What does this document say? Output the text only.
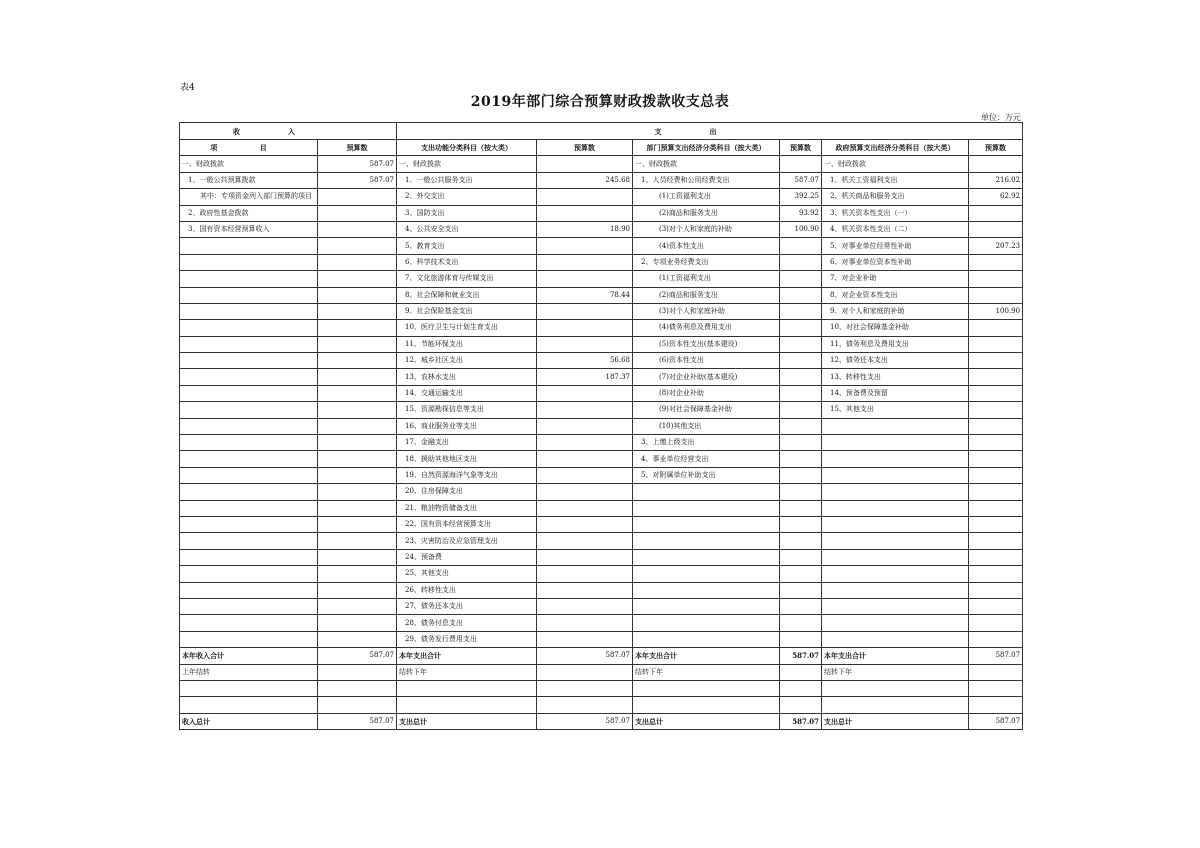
表4
2019年部门综合预算财政拨款收支总表
单位：万元
收入		支出					
项 目	预算数	支出功能分类科目（按大类）	预算数	部门预算支出经济分类科目（按大类）	预算数	政府预算支出经济分类科目（按大类）	预算数
一、财政拨款	587.07	一、财政拨款		一、财政拨款		一、财政拨款	
1、一般公共预算拨款	587.07	1、一般公共服务支出	245.68	1、人员经费和公用经费支出	587.07	1、机关工资福利支出	216.02
其中：专项资金列入部门预算的项目		2、外交支出		(1)工资福利支出	392.25	2、机关商品和服务支出	62.92
2、政府性基金拨款		3、国防支出		(2)商品和服务支出	93.92	3、机关资本性支出（一）	
3、国有资本经营预算收入		4、公共安全支出	18.90	(3)对个人和家庭的补助	100.90	4、机关资本性支出（二）	
		5、教育支出		(4)资本性支出		5、对事业单位经常性补助	207.23
		6、科学技术支出		2、专项业务经费支出		6、对事业单位资本性补助	
		7、文化旅游体育与传媒支出		(1)工资福利支出		7、对企业补助	
		8、社会保障和就业支出	78.44	(2)商品和服务支出		8、对企业资本性支出	
		9、社会保险基金支出		(3)对个人和家庭补助		9、对个人和家庭的补助	100.90
		10、医疗卫生与计划生育支出		(4)债务利息及费用支出		10、对社会保障基金补助	
		11、节能环保支出		(5)资本性支出(基本建设)		11、债务利息及费用支出	
		12、城乡社区支出	56.68	(6)资本性支出		12、债务还本支出	
		13、农林水支出	187.37	(7)对企业补助(基本建设)		13、转移性支出	
		14、交通运输支出		(8)对企业补助		14、预备费及预留	
		15、资源勘探信息等支出		(9)对社会保障基金补助		15、其他支出	
		16、商业服务业等支出		(10)其他支出			
		17、金融支出		3、上缴上级支出			
		18、援助其他地区支出		4、事业单位经营支出			
		19、自然资源海洋气象等支出		5、对附属单位补助支出			
		20、住房保障支出					
		21、粮油物资储备支出					
		22、国有资本经营预算支出					
		23、灾害防治及应急管理支出					
		24、预备费					
		25、其他支出					
		26、转移性支出					
		27、债务还本支出					
		28、债务付息支出					
		29、债务发行费用支出					
本年收入合计	587.07	本年支出合计	587.07	本年支出合计	587.07	本年支出合计	587.07
上年结转		结转下年		结转下年		结转下年	

收入总计	587.07	支出总计	587.07	支出总计	587.07	支出总计	587.07
